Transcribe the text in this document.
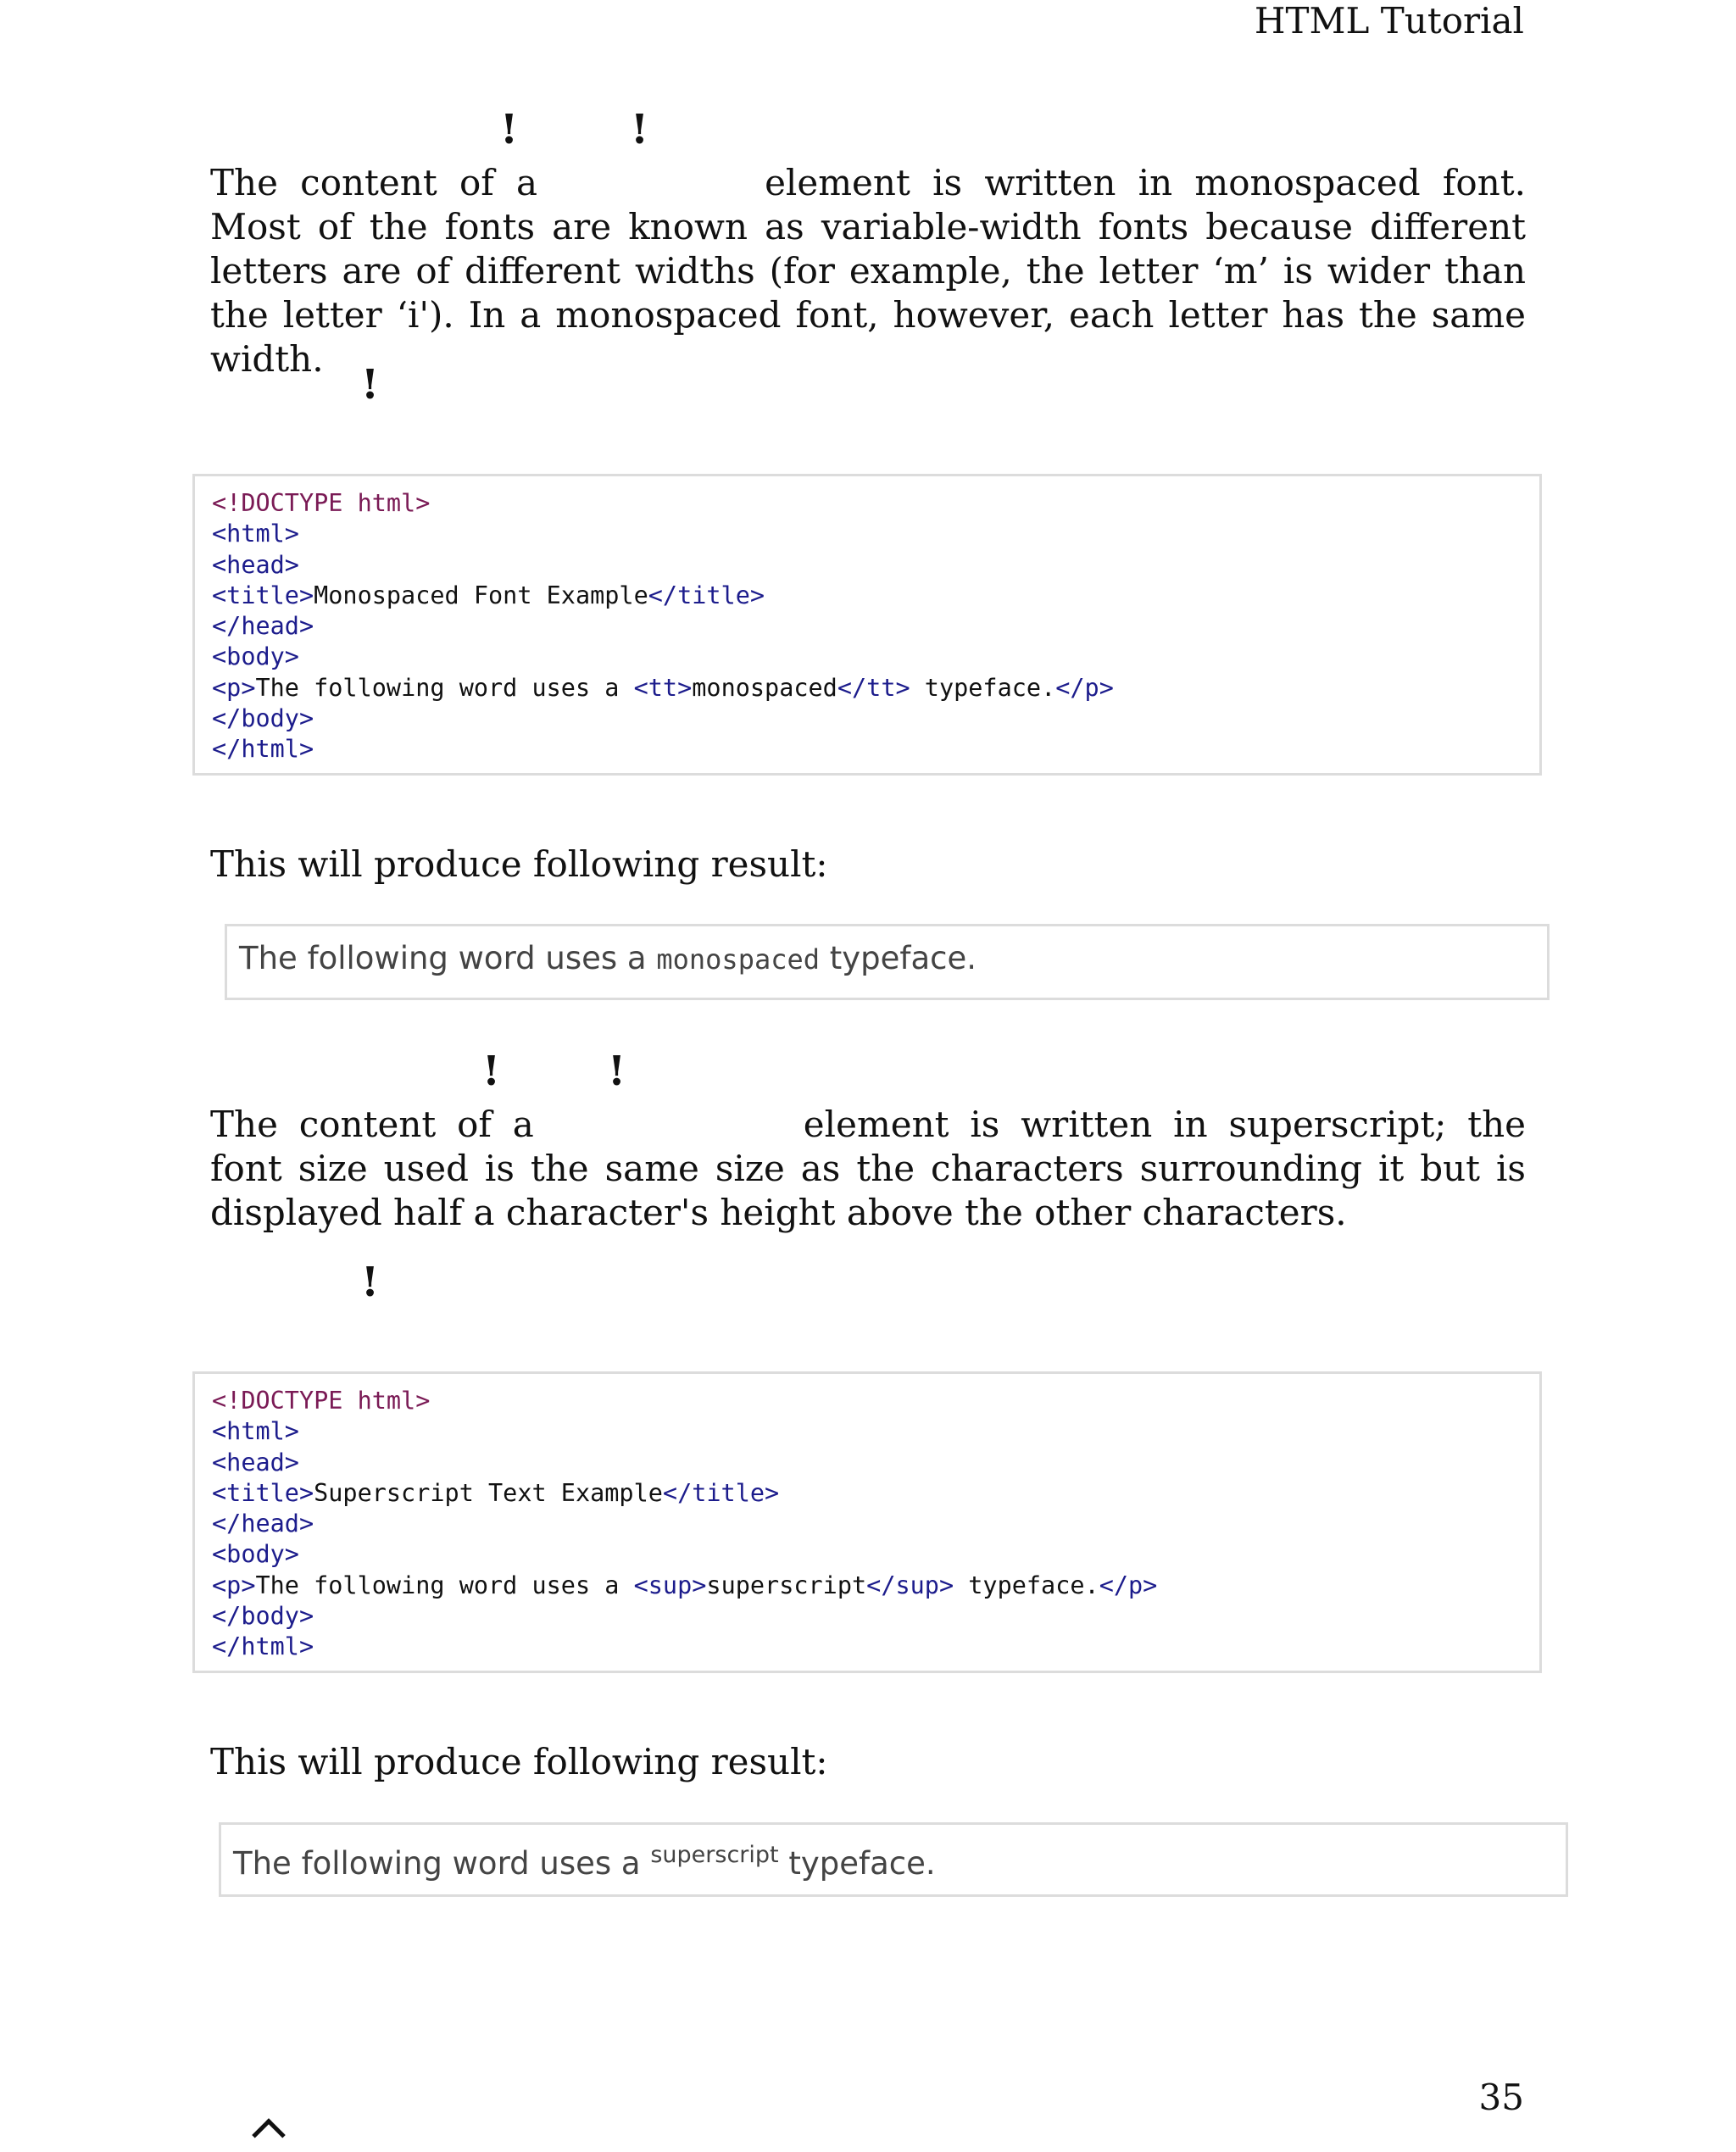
HTML Tutorial
!	!
The content of a	element is written in monospaced font. Most of the fonts are known as variable-width fonts because different letters are of different widths (for example, the letter ‘m’ is wider than the letter ‘i'). In a monospaced font, however, each letter has the same width.
!
<!DOCTYPE html>
<html>
<head>
<title>Monospaced Font Example</title>
</head>
<body>
<p>The following word uses a <tt>monospaced</tt> typeface.</p>
</body>
</html>
This will produce following result:
The following word uses a monospaced typeface.
!	!
The content of a	element is written in superscript; the font size used is the same size as the characters surrounding it but is displayed half a character's height above the other characters.
!
<!DOCTYPE html>
<html>
<head>
<title>Superscript Text Example</title>
</head>
<body>
<p>The following word uses a <sup>superscript</sup> typeface.</p>
</body>
</html>
This will produce following result:
The following word uses a $^{superscript}$ typeface.
35
